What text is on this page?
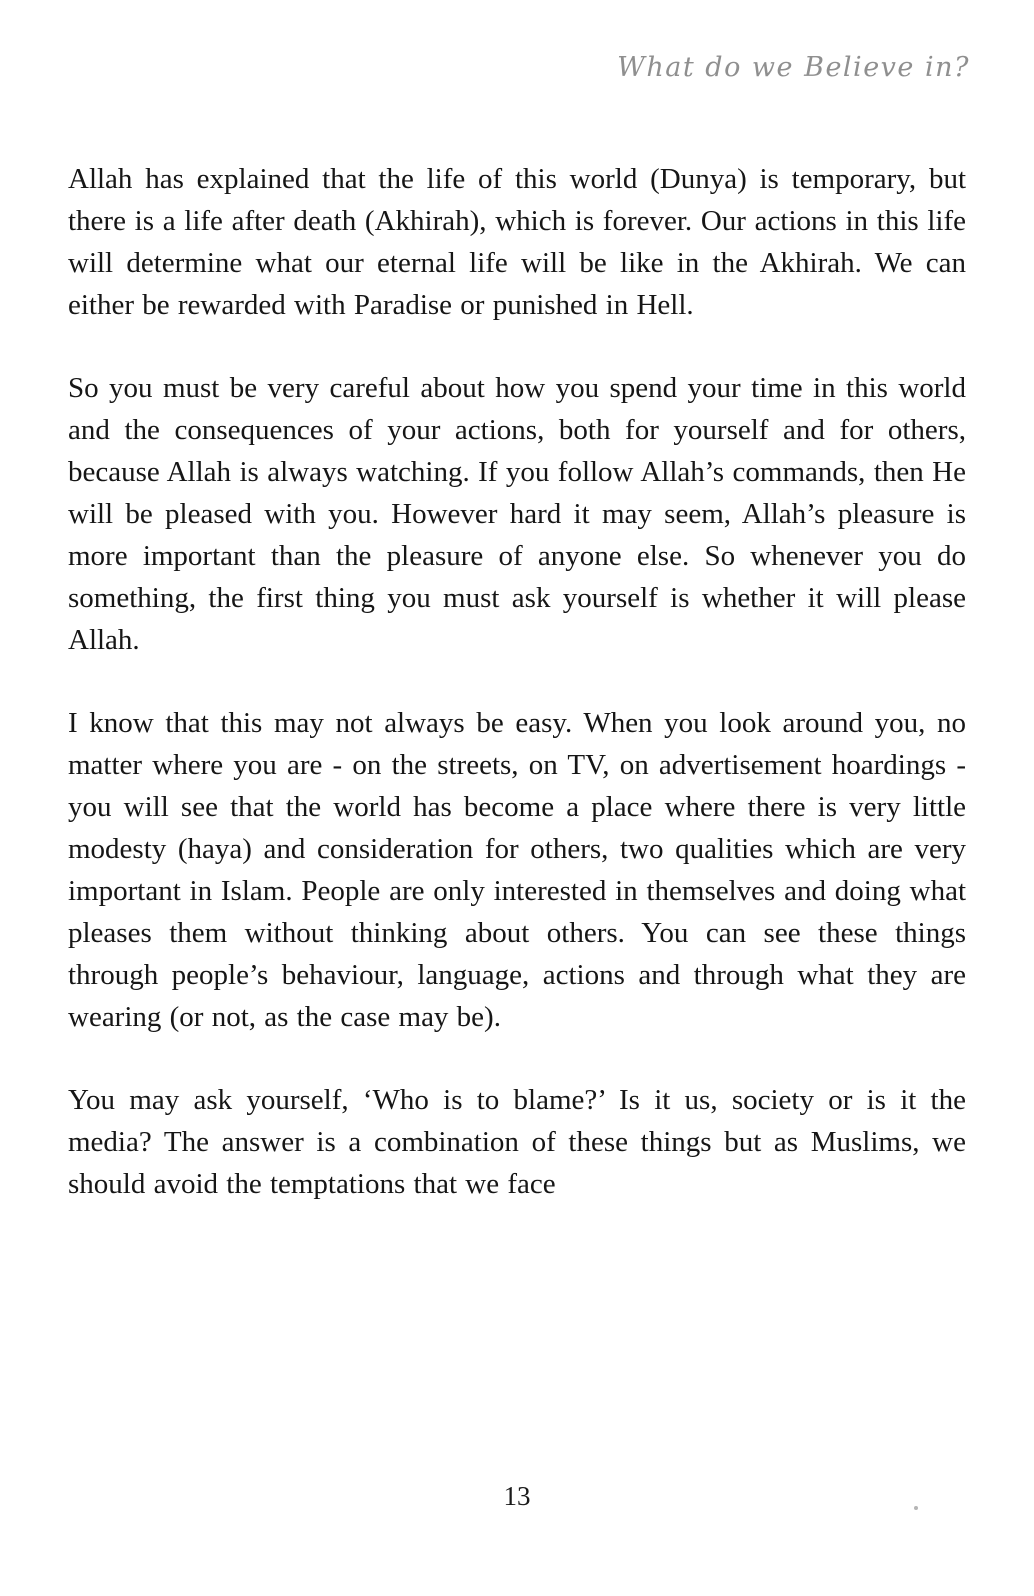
What do we Believe in?

Allah has explained that the life of this world (Dunya) is temporary, but there is a life after death (Akhirah), which is forever. Our actions in this life will determine what our eternal life will be like in the Akhirah. We can either be rewarded with Paradise or punished in Hell.

So you must be very careful about how you spend your time in this world and the consequences of your actions, both for yourself and for others, because Allah is always watching. If you follow Allah’s commands, then He will be pleased with you. However hard it may seem, Allah’s pleasure is more important than the pleasure of anyone else. So whenever you do something, the first thing you must ask yourself is whether it will please Allah.

I know that this may not always be easy. When you look around you, no matter where you are - on the streets, on TV, on advertisement hoardings - you will see that the world has become a place where there is very little modesty (haya) and consideration for others, two qualities which are very important in Islam. People are only interested in themselves and doing what pleases them without thinking about others. You can see these things through people’s behaviour, language, actions and through what they are wearing (or not, as the case may be).

You may ask yourself, ‘Who is to blame?’ Is it us, society or is it the media? The answer is a combination of these things but as Muslims, we should avoid the temptations that we face

13
